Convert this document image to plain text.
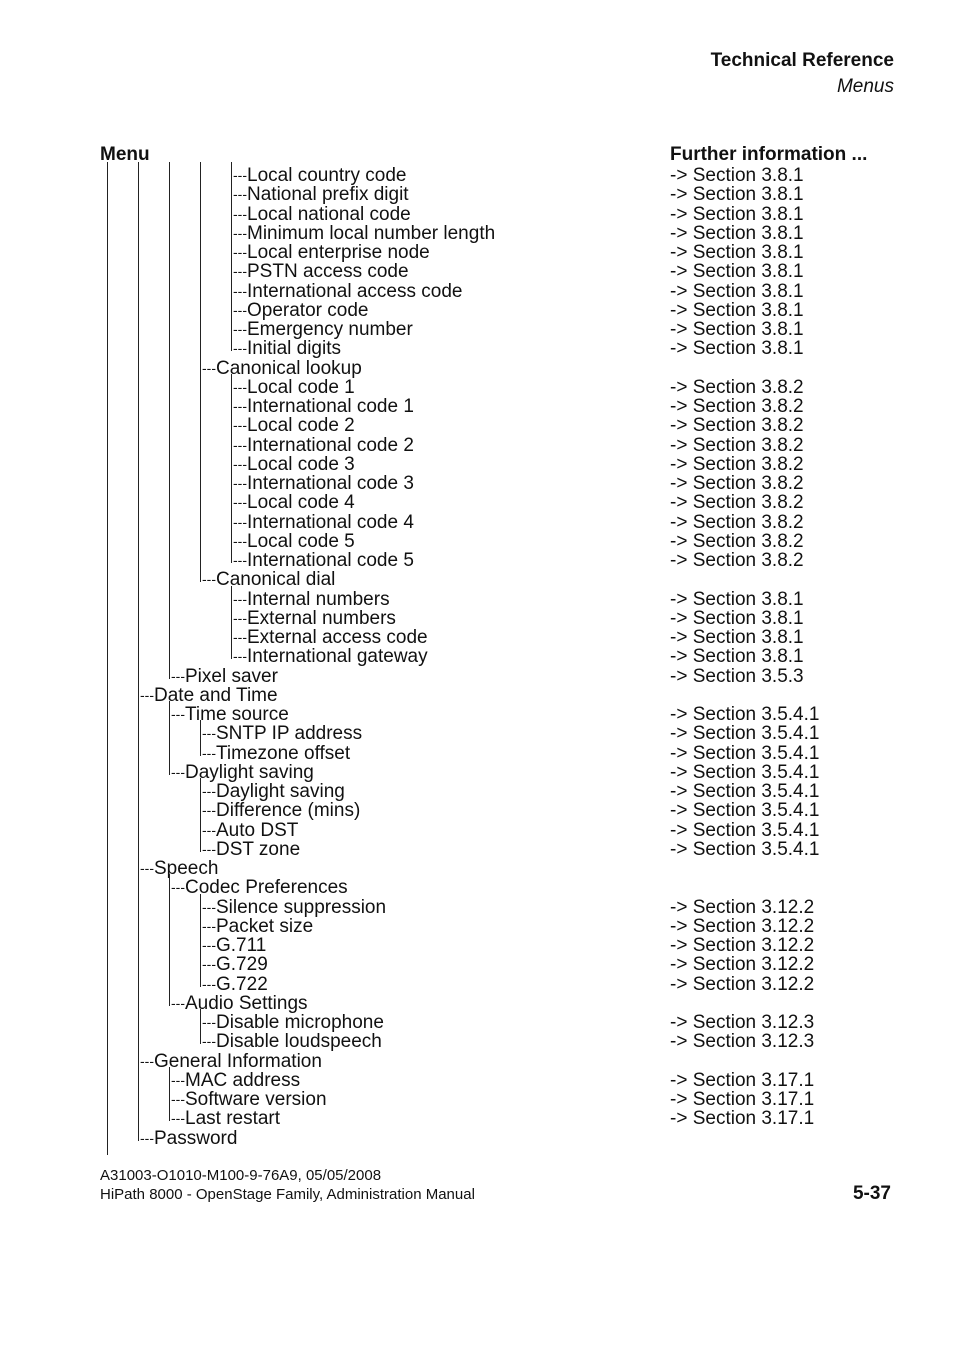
Technical Reference
Menus
Menu	Further information ...
--- Local country code	-> Section 3.8.1
--- National prefix digit	-> Section 3.8.1
--- Local national code	-> Section 3.8.1
--- Minimum local number length	-> Section 3.8.1
--- Local enterprise node	-> Section 3.8.1
--- PSTN access code	-> Section 3.8.1
--- International access code	-> Section 3.8.1
--- Operator code	-> Section 3.8.1
--- Emergency number	-> Section 3.8.1
--- Initial digits	-> Section 3.8.1
--- Canonical lookup
--- Local code 1	-> Section 3.8.2
--- International code 1	-> Section 3.8.2
--- Local code 2	-> Section 3.8.2
--- International code 2	-> Section 3.8.2
--- Local code 3	-> Section 3.8.2
--- International code 3	-> Section 3.8.2
--- Local code 4	-> Section 3.8.2
--- International code 4	-> Section 3.8.2
--- Local code 5	-> Section 3.8.2
--- International code 5	-> Section 3.8.2
--- Canonical dial
--- Internal numbers	-> Section 3.8.1
--- External numbers	-> Section 3.8.1
--- External access code	-> Section 3.8.1
--- International gateway	-> Section 3.8.1
--- Pixel saver	-> Section 3.5.3
--- Date and Time
--- Time source	-> Section 3.5.4.1
--- SNTP IP address	-> Section 3.5.4.1
--- Timezone offset	-> Section 3.5.4.1
--- Daylight saving	-> Section 3.5.4.1
--- Daylight saving	-> Section 3.5.4.1
--- Difference (mins)	-> Section 3.5.4.1
--- Auto DST	-> Section 3.5.4.1
--- DST zone	-> Section 3.5.4.1
--- Speech
--- Codec Preferences
--- Silence suppression	-> Section 3.12.2
--- Packet size	-> Section 3.12.2
--- G.711	-> Section 3.12.2
--- G.729	-> Section 3.12.2
--- G.722	-> Section 3.12.2
--- Audio Settings
--- Disable microphone	-> Section 3.12.3
--- Disable loudspeech	-> Section 3.12.3
--- General Information
--- MAC address	-> Section 3.17.1
--- Software version	-> Section 3.17.1
--- Last restart	-> Section 3.17.1
--- Password
A31003-O1010-M100-9-76A9, 05/05/2008
HiPath 8000 - OpenStage Family, Administration Manual	5-37
